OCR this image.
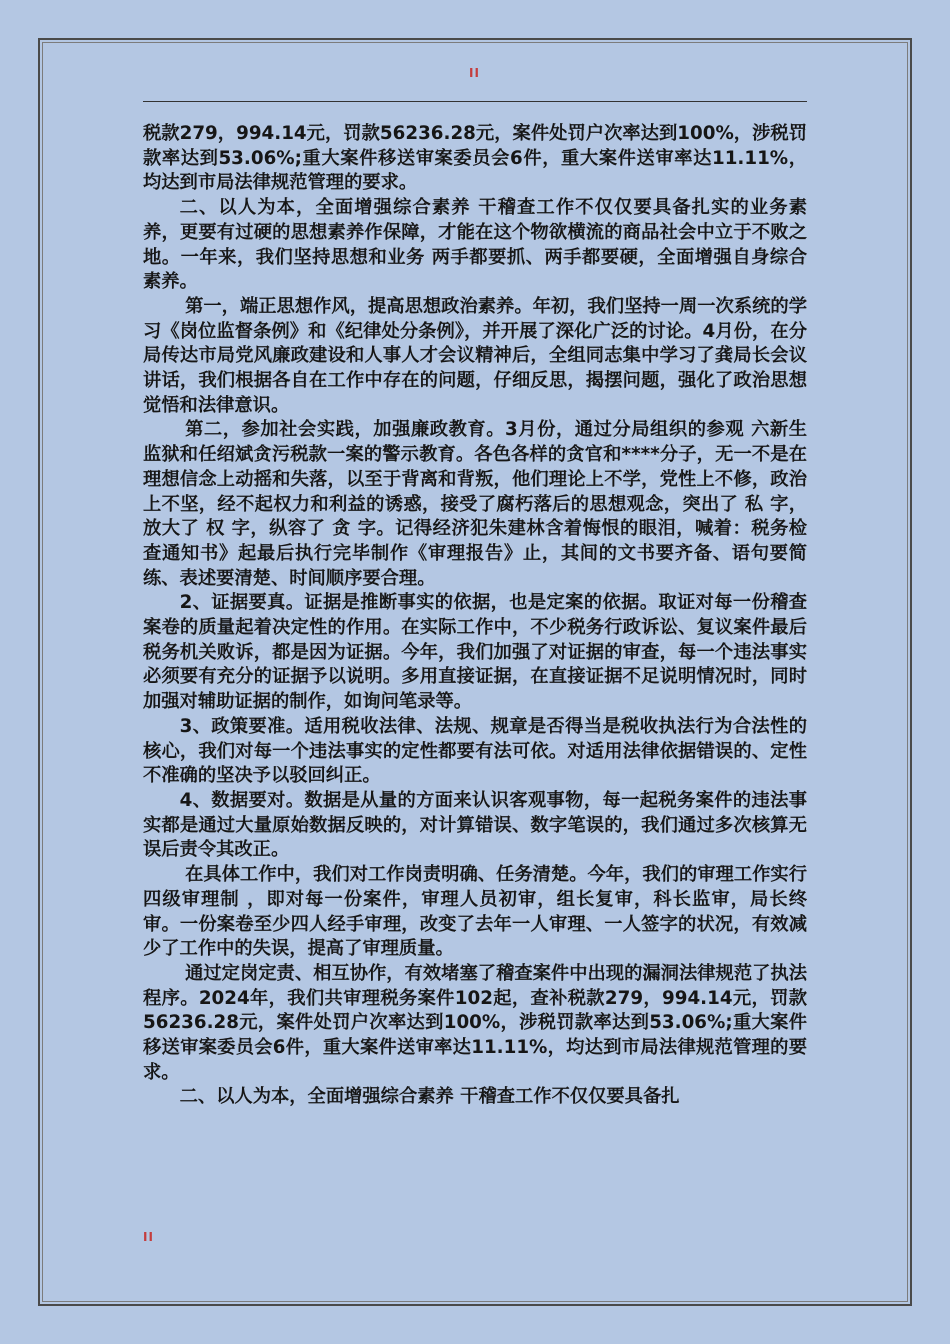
II

税款279，994.14元，罚款56236.28元，案件处罚户次率达到100%，涉税罚款率达到53.06%;重大案件移送审案委员会6件，重大案件送审率达11.11%，均达到市局法律规范管理的要求。

二、以人为本，全面增强综合素养 干稽查工作不仅仅要具备扎实的业务素养，更要有过硬的思想素养作保障，才能在这个物欲横流的商品社会中立于不败之地。一年来，我们坚持思想和业务 两手都要抓、两手都要硬，全面增强自身综合素养。

第一，端正思想作风，提高思想政治素养。年初，我们坚持一周一次系统的学习《岗位监督条例》和《纪律处分条例》，并开展了深化广泛的讨论。4月份，在分局传达市局党风廉政建设和人事人才会议精神后，全组同志集中学习了龚局长会议讲话，我们根据各自在工作中存在的问题，仔细反思，揭摆问题，强化了政治思想觉悟和法律意识。

第二，参加社会实践，加强廉政教育。3月份，通过分局组织的参观 六新生 监狱和任绍斌贪污税款一案的警示教育。各色各样的贪官和****分子，无一不是在理想信念上动摇和失落，以至于背离和背叛，他们理论上不学，党性上不修，政治上不坚，经不起权力和利益的诱惑，接受了腐朽落后的思想观念，突出了 私 字，放大了 权 字，纵容了 贪 字。记得经济犯朱建林含着悔恨的眼泪，喊着：税务检查通知书》起最后执行完毕制作《审理报告》止，其间的文书要齐备、语句要简练、表述要清楚、时间顺序要合理。

2、证据要真。证据是推断事实的依据，也是定案的依据。取证对每一份稽查案卷的质量起着决定性的作用。在实际工作中，不少税务行政诉讼、复议案件最后税务机关败诉，都是因为证据。今年，我们加强了对证据的审查，每一个违法事实必须要有充分的证据予以说明。多用直接证据，在直接证据不足说明情况时，同时加强对辅助证据的制作，如询问笔录等。

3、政策要准。适用税收法律、法规、规章是否得当是税收执法行为合法性的核心，我们对每一个违法事实的定性都要有法可依。对适用法律依据错误的、定性不准确的坚决予以驳回纠正。

4、数据要对。数据是从量的方面来认识客观事物，每一起税务案件的违法事实都是通过大量原始数据反映的，对计算错误、数字笔误的，我们通过多次核算无误后责令其改正。

在具体工作中，我们对工作岗责明确、任务清楚。今年，我们的审理工作实行 四级审理制 ，即对每一份案件，审理人员初审，组长复审，科长监审，局长终审。一份案卷至少四人经手审理，改变了去年一人审理、一人签字的状况，有效减少了工作中的失误，提高了审理质量。

通过定岗定责、相互协作，有效堵塞了稽查案件中出现的漏洞法律规范了执法程序。2024年，我们共审理税务案件102起，查补税款279，994.14元，罚款56236.28元，案件处罚户次率达到100%，涉税罚款率达到53.06%;重大案件移送审案委员会6件，重大案件送审率达11.11%，均达到市局法律规范管理的要求。

二、以人为本，全面增强综合素养 干稽查工作不仅仅要具备扎

II
